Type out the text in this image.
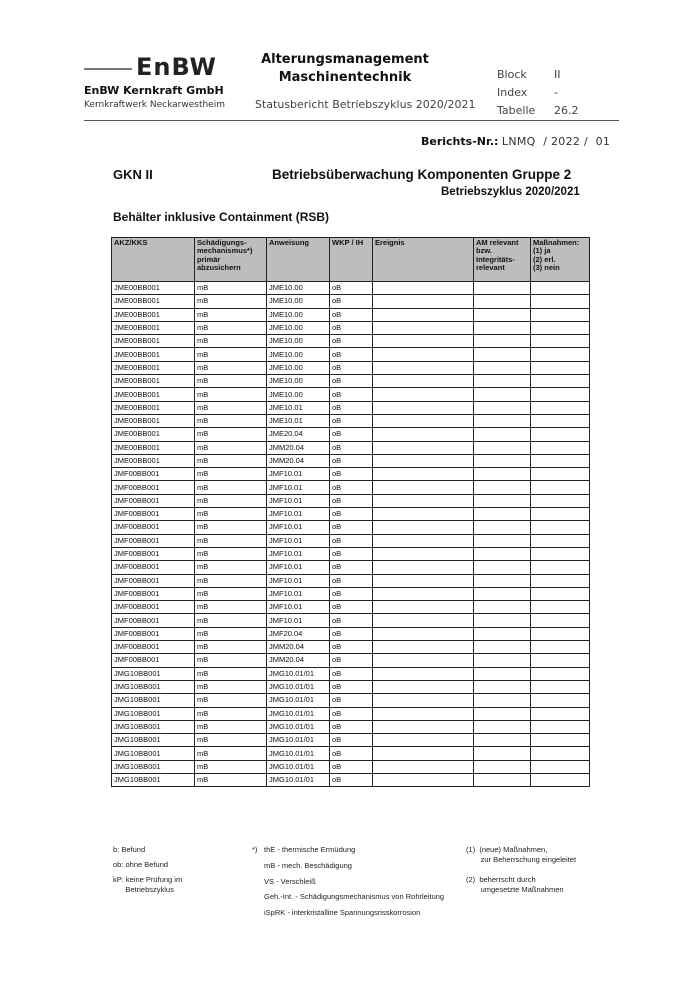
EnBW
EnBW Kernkraft GmbH
Kernkraftwerk Neckarwestheim
Alterungsmanagement
Maschinentechnik
Statusbericht Betriebszyklus 2020/2021
Block II
Index -
Tabelle 26.2
Berichts-Nr.: LNMQ  / 2022 /  01
GKN II	Betriebsüberwachung Komponenten Gruppe 2
Betriebszyklus 2020/2021
Behälter inklusive Containment (RSB)
AKZ/KKS	Schädigungs-
mechanismus*)
primär
abzusichern	Anweisung	WKP / IH	Ereignis	AM relevant
bzw.
Integritäts-
relevant	Maßnahmen:
(1) ja
(2) erl.
(3) nein
JME00BB001	mB	JME10.00	oB			
JME00BB001	mB	JME10.00	oB			
JME00BB001	mB	JME10.00	oB			
JME00BB001	mB	JME10.00	oB			
JME00BB001	mB	JME10.00	oB			
JME00BB001	mB	JME10.00	oB			
JME00BB001	mB	JME10.00	oB			
JME00BB001	mB	JME10.00	oB			
JME00BB001	mB	JME10.00	oB			
JME00BB001	mB	JME10.01	oB			
JME00BB001	mB	JME10.01	oB			
JME00BB001	mB	JME20.04	oB			
JME00BB001	mB	JMM20.04	oB			
JME00BB001	mB	JMM20.04	oB			
JMF00BB001	mB	JMF10.01	oB			
JMF00BB001	mB	JMF10.01	oB			
JMF00BB001	mB	JMF10.01	oB			
JMF00BB001	mB	JMF10.01	oB			
JMF00BB001	mB	JMF10.01	oB			
JMF00BB001	mB	JMF10.01	oB			
JMF00BB001	mB	JMF10.01	oB			
JMF00BB001	mB	JMF10.01	oB			
JMF00BB001	mB	JMF10.01	oB			
JMF00BB001	mB	JMF10.01	oB			
JMF00BB001	mB	JMF10.01	oB			
JMF00BB001	mB	JMF10.01	oB			
JMF00BB001	mB	JMF20.04	oB			
JMF00BB001	mB	JMM20.04	oB			
JMF00BB001	mB	JMM20.04	oB			
JMG10BB001	mB	JMG10.01/01	oB			
JMG10BB001	mB	JMG10.01/01	oB			
JMG10BB001	mB	JMG10.01/01	oB			
JMG10BB001	mB	JMG10.01/01	oB			
JMG10BB001	mB	JMG10.01/01	oB			
JMG10BB001	mB	JMG10.01/01	oB			
JMG10BB001	mB	JMG10.01/01	oB			
JMG10BB001	mB	JMG10.01/01	oB			
JMG10BB001	mB	JMG10.01/01	oB			
b: Befund
ob: ohne Befund
kP: keine Prüfung im
Betriebszyklus
*) thE - thermische Ermüdung
mB - mech. Beschädigung
VS - Verschleiß
Geh.-Int. - Schädigungsmechanismus von Rohrleitung
iSpRK - interkristalline Spannungsrisskorrosion
(1)  (neue) Maßnahmen,
zur Beherrschung eingeleitet
(2)  beherrscht durch
umgesetzte Maßnahmen
